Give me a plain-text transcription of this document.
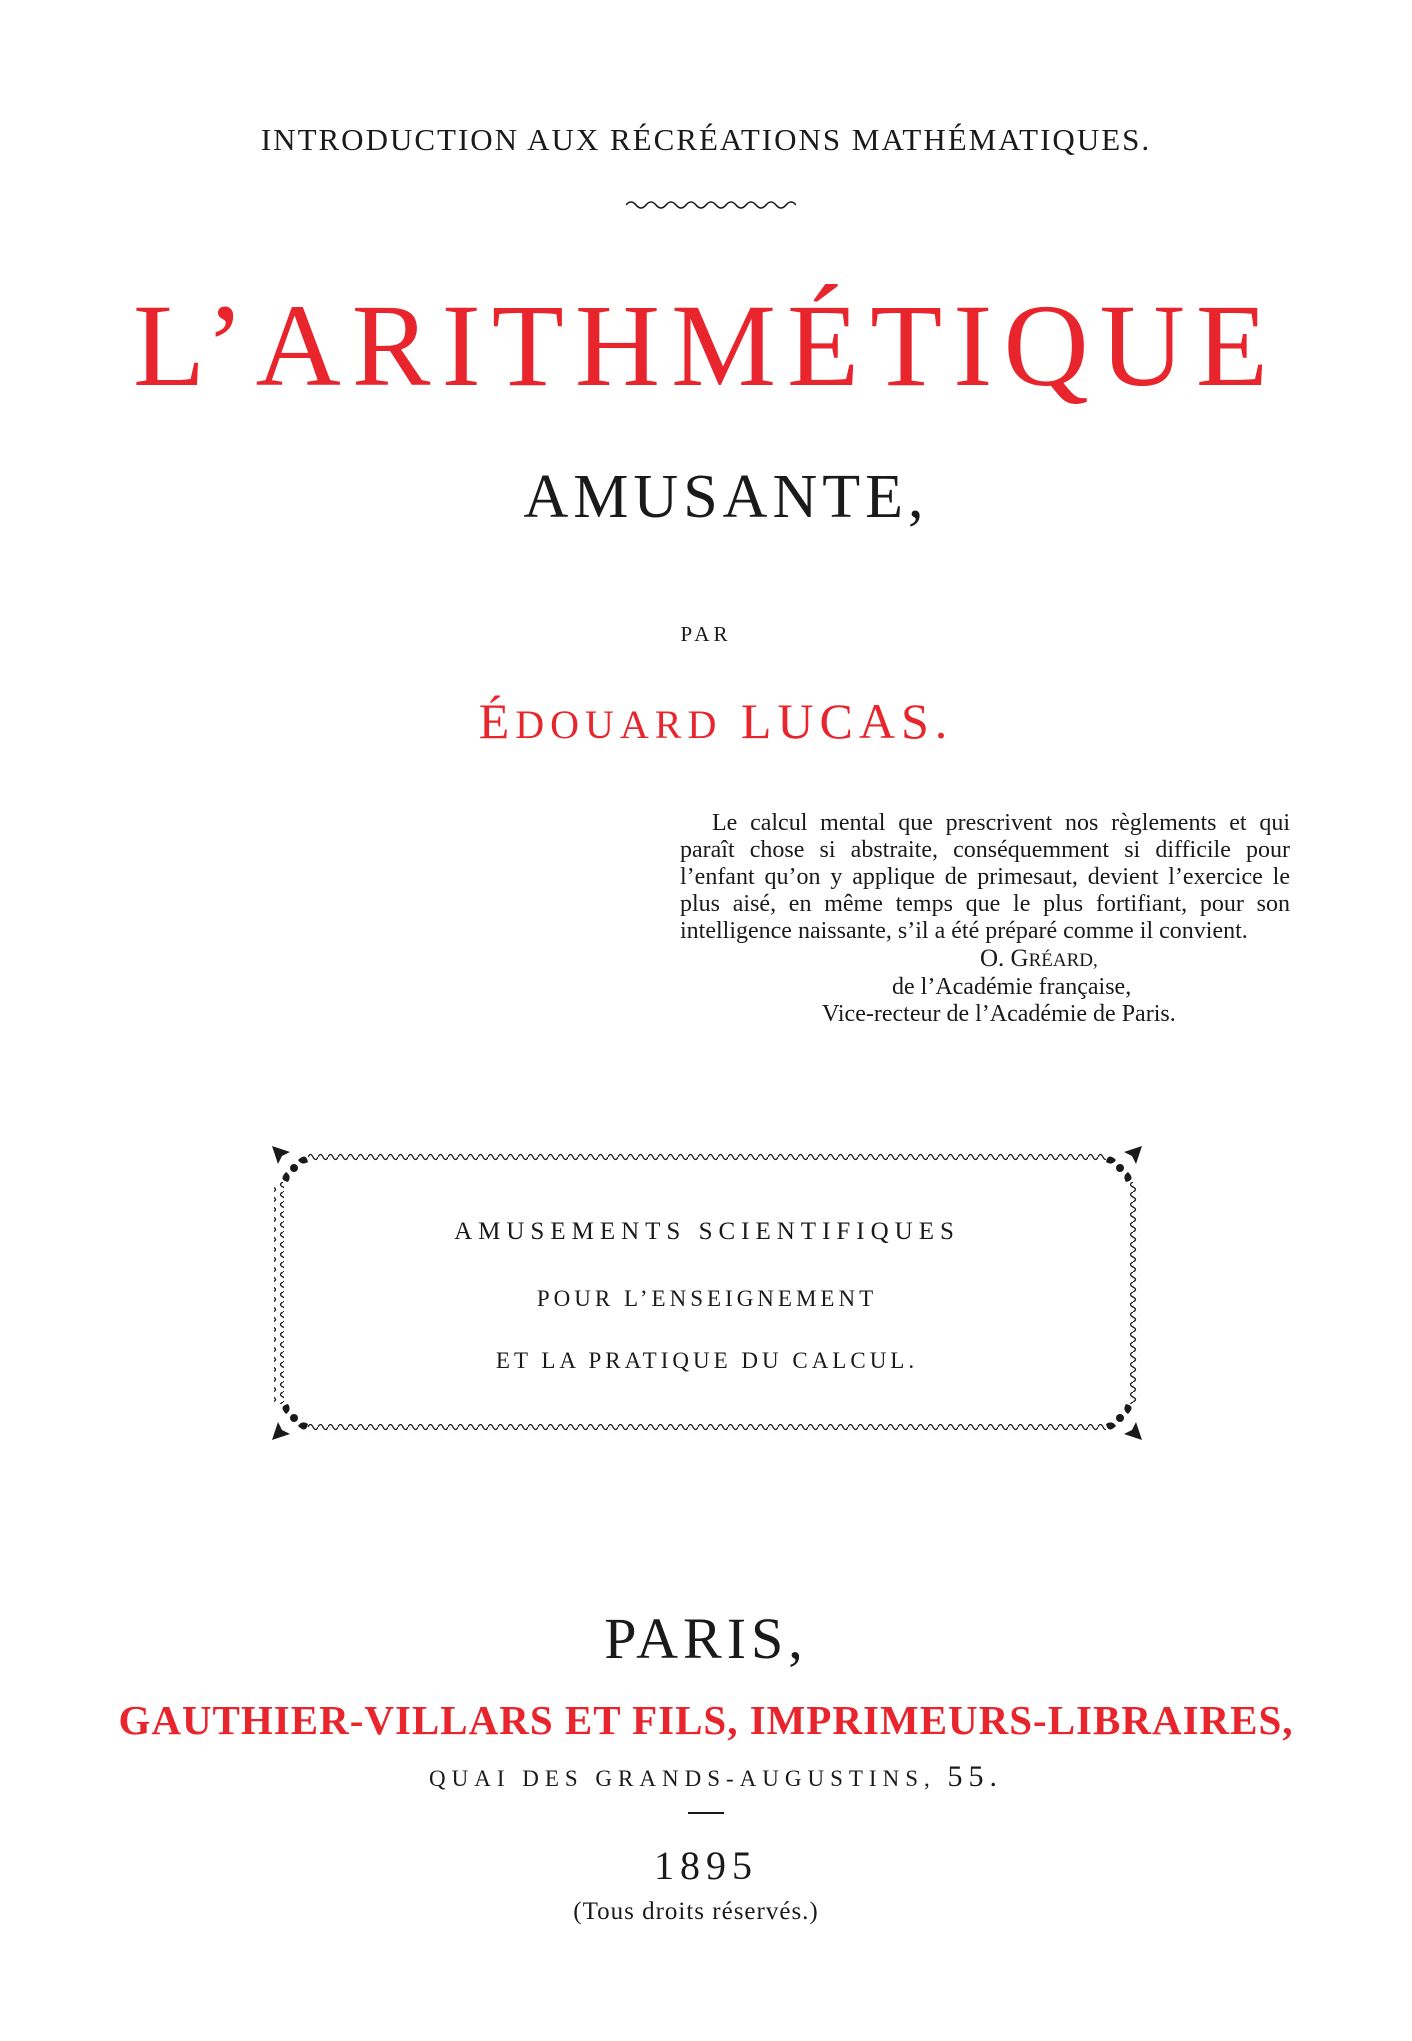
INTRODUCTION AUX RÉCRÉATIONS MATHÉMATIQUES.
L’ARITHMÉTIQUE
AMUSANTE,
PAR
ÉDOUARD LUCAS.

Le calcul mental que prescrivent nos règlements et qui paraît chose si abstraite, conséquemment si difficile pour l’enfant qu’on y applique de primesaut, devient l’exercice le plus aisé, en même temps que le plus fortifiant, pour son intelligence naissante, s’il a été préparé comme il convient.

O. GRÉARD,

de l’Académie française,

Vice-recteur de l’Académie de Paris.

AMUSEMENTS SCIENTIFIQUES
POUR L’ENSEIGNEMENT
ET LA PRATIQUE DU CALCUL.
PARIS,
GAUTHIER-VILLARS ET FILS, IMPRIMEURS-LIBRAIRES,
QUAI DES GRANDS-AUGUSTINS, 55.
1895
(Tous droits réservés.)
